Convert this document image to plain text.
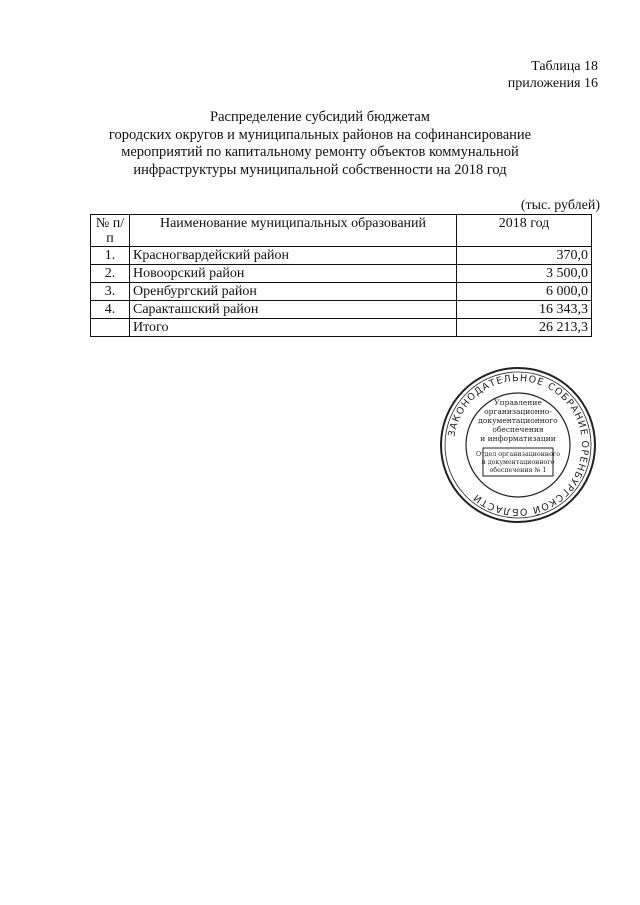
Таблица 18
приложения 16
Распределение субсидий бюджетам
городских округов и муниципальных районов на софинансирование
мероприятий по капитальному ремонту объектов коммунальной
инфраструктуры муниципальной собственности на 2018 год
(тыс. рублей)
№ п/п	Наименование муниципальных образований	2018 год
1.	Красногвардейский район	370,0
2.	Новоорский район	3 500,0
3.	Оренбургский район	6 000,0
4.	Саракташский район	16 343,3
	Итого	26 213,3
ЗАКОНОДАТЕЛЬНОЕ СОБРАНИЕ ОРЕНБУРГСКОЙ ОБЛАСТИ
Управление
организационно-
документационного
обеспечения
и информатизации
Отдел организационного
и документационного
обеспечения № 1
